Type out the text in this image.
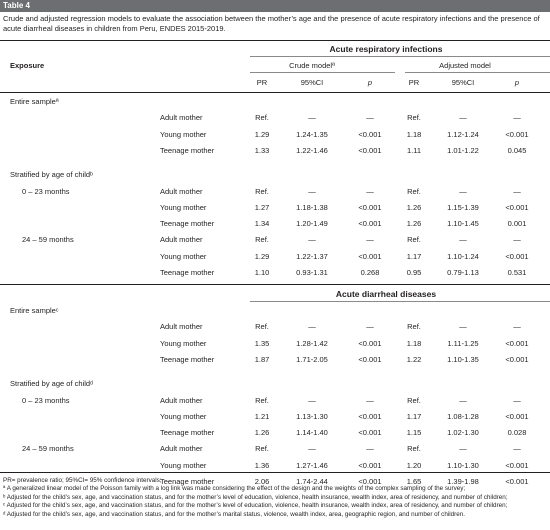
Table 4
Crude and adjusted regression models to evaluate the association between the mother’s age and the presence of acute respiratory infections and the presence of acute diarrheal diseases in children from Peru, ENDES 2015-2019.
Acute respiratory infections
Exposure	Crude modelª	Adjusted model
PR	95%CI	p	PR	95%CI	p
Entire sampleª
Adult mother	Ref.	—	—	Ref.	—	—
Young mother	1.29	1.24-1.35	<0.001	1.18	1.12-1.24	<0.001
Teenage mother	1.33	1.22-1.46	<0.001	1.11	1.01-1.22	0.045
Stratified by age of childᵇ
0 – 23 months	Adult mother	Ref.	—	—	Ref.	—	—
Young mother	1.27	1.18-1.38	<0.001	1.26	1.15-1.39	<0.001
Teenage mother	1.34	1.20-1.49	<0.001	1.26	1.10-1.45	0.001
24 – 59 months	Adult mother	Ref.	—	—	Ref.	—	—
Young mother	1.29	1.22-1.37	<0.001	1.17	1.10-1.24	<0.001
Teenage mother	1.10	0.93-1.31	0.268	0.95	0.79-1.13	0.531
Acute diarrheal diseases
Entire sampleᶜ
Adult mother	Ref.	—	—	Ref.	—	—
Young mother	1.35	1.28-1.42	<0.001	1.18	1.11-1.25	<0.001
Teenage mother	1.87	1.71-2.05	<0.001	1.22	1.10-1.35	<0.001
Stratified by age of childᵈ
0 – 23 months	Adult mother	Ref.	—	—	Ref.	—	—
Young mother	1.21	1.13-1.30	<0.001	1.17	1.08-1.28	<0.001
Teenage mother	1.26	1.14-1.40	<0.001	1.15	1.02-1.30	0.028
24 – 59 months	Adult mother	Ref.	—	—	Ref.	—	—
Young mother	1.36	1.27-1.46	<0.001	1.20	1.10-1.30	<0.001
Teenage mother	2.06	1.74-2.44	<0.001	1.65	1.39-1.98	<0.001
PR= prevalence ratio; 95%CI= 95% confidence intervals;
ª A generalized linear model of the Poisson family with a log link was made considering the effect of the design and the weights of the complex sampling of the survey;
ᵇ Adjusted for the child’s sex, age, and vaccination status, and for the mother’s level of education, violence, health insurance, wealth index, area of residency, and number of children;
ᶜ Adjusted for the child’s sex, age, and vaccination status, and for the mother’s level of education, violence, health insurance, wealth index, area of residency, and number of children;
ᵈ Adjusted for the child’s sex, age, and vaccination status, and for the mother’s marital status, violence, wealth index, area, geographic region, and number of children.
